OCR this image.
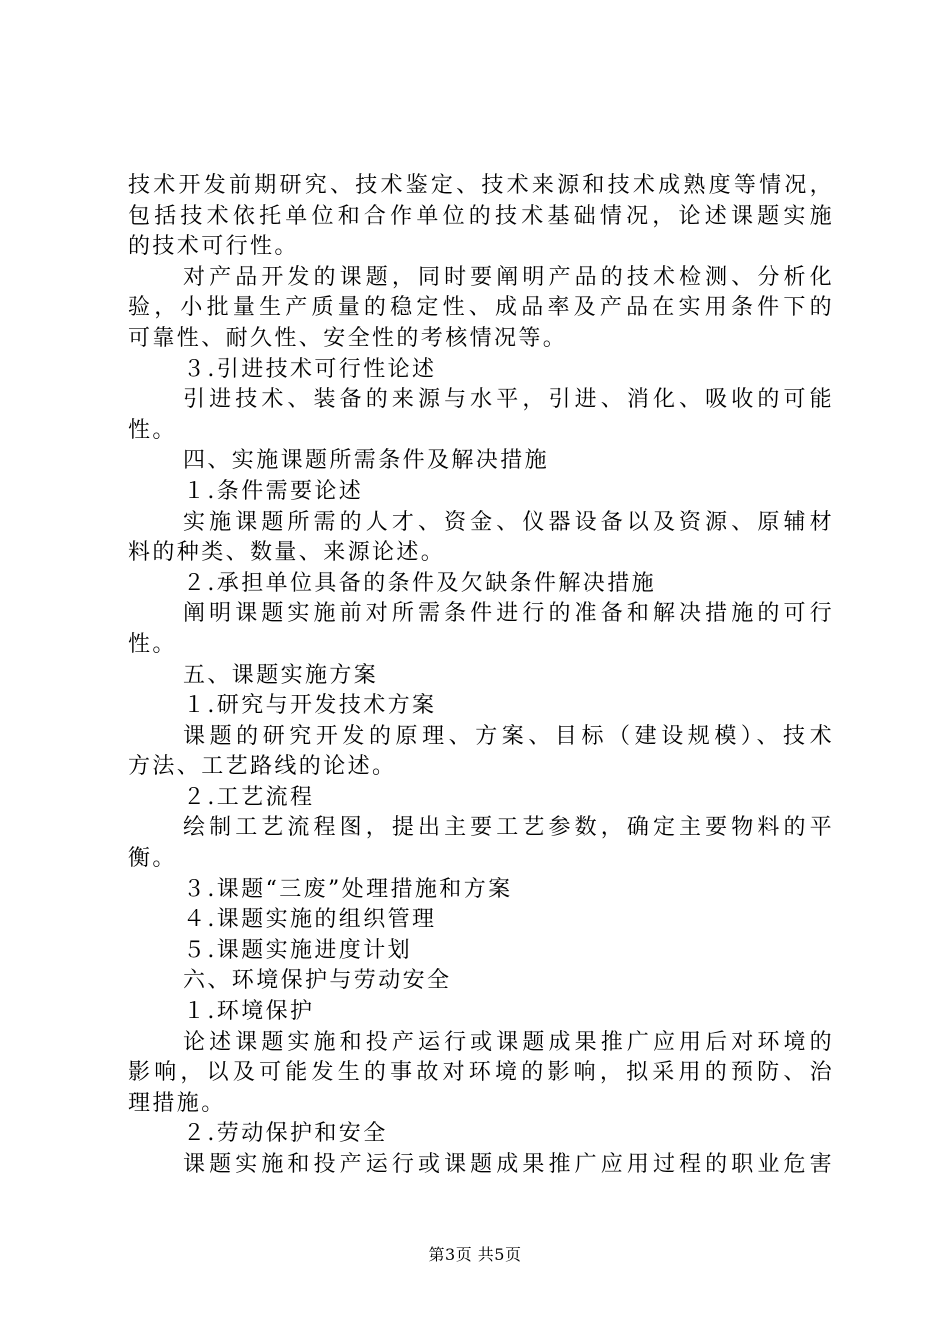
技术开发前期研究、技术鉴定、技术来源和技术成熟度等情况，
包括技术依托单位和合作单位的技术基础情况，论述课题实施
的技术可行性。
对产品开发的课题，同时要阐明产品的技术检测、分析化
验，小批量生产质量的稳定性、成品率及产品在实用条件下的
可靠性、耐久性、安全性的考核情况等。
３.引进技术可行性论述
引进技术、装备的来源与水平，引进、消化、吸收的可能
性。
四、实施课题所需条件及解决措施
１.条件需要论述
实施课题所需的人才、资金、仪器设备以及资源、原辅材
料的种类、数量、来源论述。
２.承担单位具备的条件及欠缺条件解决措施
阐明课题实施前对所需条件进行的准备和解决措施的可行
性。
五、课题实施方案
１.研究与开发技术方案
课题的研究开发的原理、方案、目标（建设规模）、技术
方法、工艺路线的论述。
２.工艺流程
绘制工艺流程图，提出主要工艺参数，确定主要物料的平
衡。
３.课题“三废”处理措施和方案
４.课题实施的组织管理
５.课题实施进度计划
六、环境保护与劳动安全
１.环境保护
论述课题实施和投产运行或课题成果推广应用后对环境的
影响，以及可能发生的事故对环境的影响，拟采用的预防、治
理措施。
２.劳动保护和安全
课题实施和投产运行或课题成果推广应用过程的职业危害
第3页 共5页
